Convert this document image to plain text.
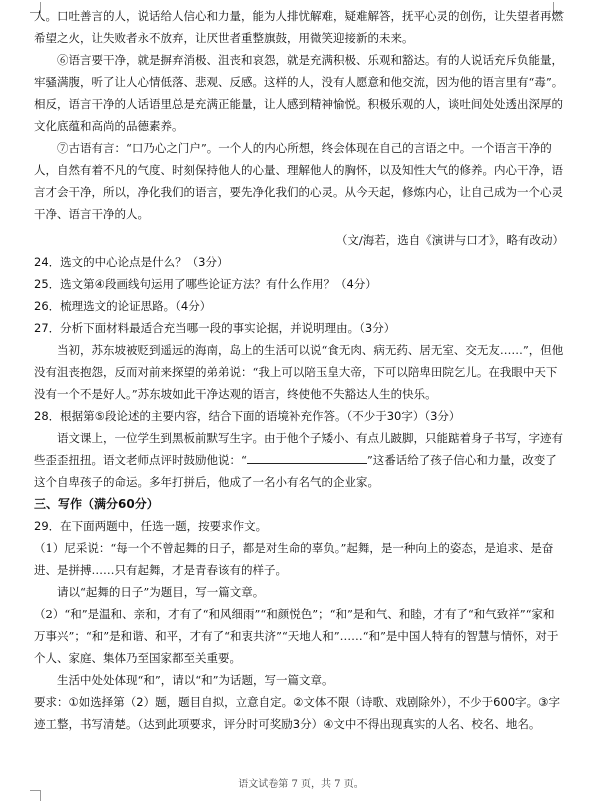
人。口吐善言的人，说话给人信心和力量，能为人排忧解难，疑难解答，抚平心灵的创伤，让失望者再燃希望之火，让失败者永不放弃，让厌世者重整旗鼓，用微笑迎接新的未来。

⑥语言要干净，就是摒弃消极、沮丧和哀怨，就是充满积极、乐观和豁达。有的人说话充斥负能量，牢骚满腹，听了让人心情低落、悲观、反感。这样的人，没有人愿意和他交流，因为他的语言里有“毒”。相反，语言干净的人话语里总是充满正能量，让人感到精神愉悦。积极乐观的人，谈吐间处处透出深厚的文化底蕴和高尚的品德素养。

⑦古语有言：“口乃心之门户”。一个人的内心所想，终会体现在自己的言语之中。一个语言干净的人，自然有着不凡的气度、时刻保持他人的心量、理解他人的胸怀，以及知性大气的修养。内心干净，语言才会干净，所以，净化我们的语言，要先净化我们的心灵。从今天起，修炼内心，让自己成为一个心灵干净、语言干净的人。

（文/海若，选自《演讲与口才》，略有改动）

24．选文的中心论点是什么？（3分）

25．选文第④段画线句运用了哪些论证方法？有什么作用？（4分）

26．梳理选文的论证思路。（4分）

27．分析下面材料最适合充当哪一段的事实论据，并说明理由。（3分）

当初，苏东坡被贬到遥远的海南，岛上的生活可以说“食无肉、病无药、居无室、交无友……”，但他没有沮丧抱怨，反而对前来探望的弟弟说：“我上可以陪玉皇大帝，下可以陪卑田院乞儿。在我眼中天下没有一个不是好人。”苏东坡如此干净达观的语言，终使他不失豁达人生的快乐。

28．根据第⑤段论述的主要内容，结合下面的语境补充作答。（不少于30字）（3分）

语文课上，一位学生到黑板前默写生字。由于他个子矮小、有点儿跛脚，只能踮着身子书写，字迹有些歪歪扭扭。语文老师点评时鼓励他说：“	”这番话给了孩子信心和力量，改变了这个自卑孩子的命运。多年打拼后，他成了一名小有名气的企业家。

三、写作（满分60分）

29．在下面两题中，任选一题，按要求作文。

（1）尼采说：“每一个不曾起舞的日子，都是对生命的辜负。”起舞，是一种向上的姿态，是追求、是奋进、是拼搏……只有起舞，才是青春该有的样子。

请以“起舞的日子”为题目，写一篇文章。

（2）“和”是温和、亲和，才有了“和风细雨”“和颜悦色”；“和”是和气、和睦，才有了“和气致祥”“家和万事兴”；“和”是和谐、和平，才有了“和衷共济”“天地人和”……“和”是中国人特有的智慧与情怀，对于个人、家庭、集体乃至国家都至关重要。

生活中处处体现“和”，请以“和”为话题，写一篇文章。

要求：①如选择第（2）题，题目自拟，立意自定。②文体不限（诗歌、戏剧除外），不少于600字。③字迹工整，书写清楚。（达到此项要求，评分时可奖励3分）④文中不得出现真实的人名、校名、地名。

语文试卷第 7 页，共 7 页。
